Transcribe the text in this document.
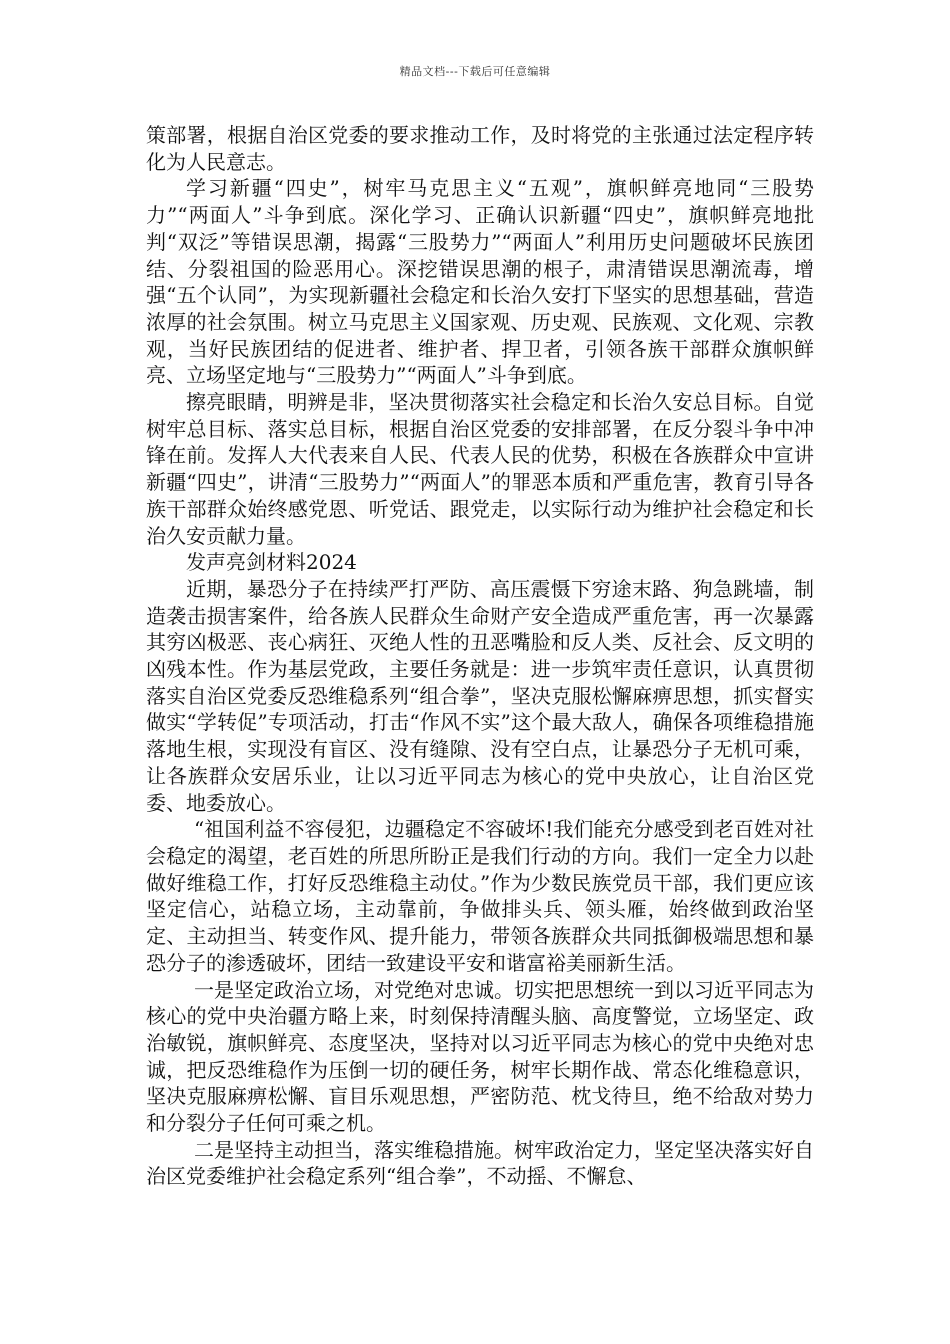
精品文档---下载后可任意编辑

策部署，根据自治区党委的要求推动工作，及时将党的主张通过法定程序转化为人民意志。

学习新疆“四史”，树牢马克思主义“五观”，旗帜鲜亮地同“三股势力”“两面人”斗争到底。深化学习、正确认识新疆“四史”，旗帜鲜亮地批判“双泛”等错误思潮，揭露“三股势力”“两面人”利用历史问题破坏民族团结、分裂祖国的险恶用心。深挖错误思潮的根子，肃清错误思潮流毒，增强“五个认同”，为实现新疆社会稳定和长治久安打下坚实的思想基础，营造浓厚的社会氛围。树立马克思主义国家观、历史观、民族观、文化观、宗教观，当好民族团结的促进者、维护者、捍卫者，引领各族干部群众旗帜鲜亮、立场坚定地与“三股势力”“两面人”斗争到底。

擦亮眼睛，明辨是非，坚决贯彻落实社会稳定和长治久安总目标。自觉树牢总目标、落实总目标，根据自治区党委的安排部署，在反分裂斗争中冲锋在前。发挥人大代表来自人民、代表人民的优势，积极在各族群众中宣讲新疆“四史”，讲清“三股势力”“两面人”的罪恶本质和严重危害，教育引导各族干部群众始终感党恩、听党话、跟党走，以实际行动为维护社会稳定和长治久安贡献力量。

发声亮剑材料2024

近期，暴恐分子在持续严打严防、高压震慑下穷途末路、狗急跳墙，制造袭击损害案件，给各族人民群众生命财产安全造成严重危害，再一次暴露其穷凶极恶、丧心病狂、灭绝人性的丑恶嘴脸和反人类、反社会、反文明的凶残本性。作为基层党政，主要任务就是：进一步筑牢责任意识，认真贯彻落实自治区党委反恐维稳系列“组合拳”，坚决克服松懈麻痹思想，抓实督实做实“学转促”专项活动，打击“作风不实”这个最大敌人，确保各项维稳措施落地生根，实现没有盲区、没有缝隙、没有空白点，让暴恐分子无机可乘，让各族群众安居乐业，让以习近平同志为核心的党中央放心，让自治区党委、地委放心。

“祖国利益不容侵犯，边疆稳定不容破坏!我们能充分感受到老百姓对社会稳定的渴望，老百姓的所思所盼正是我们行动的方向。我们一定全力以赴做好维稳工作，打好反恐维稳主动仗。”作为少数民族党员干部，我们更应该坚定信心，站稳立场，主动靠前，争做排头兵、领头雁，始终做到政治坚定、主动担当、转变作风、提升能力，带领各族群众共同抵御极端思想和暴恐分子的渗透破坏，团结一致建设平安和谐富裕美丽新生活。

一是坚定政治立场，对党绝对忠诚。切实把思想统一到以习近平同志为核心的党中央治疆方略上来，时刻保持清醒头脑、高度警觉，立场坚定、政治敏锐，旗帜鲜亮、态度坚决，坚持对以习近平同志为核心的党中央绝对忠诚，把反恐维稳作为压倒一切的硬任务，树牢长期作战、常态化维稳意识，坚决克服麻痹松懈、盲目乐观思想，严密防范、枕戈待旦，绝不给敌对势力和分裂分子任何可乘之机。

二是坚持主动担当，落实维稳措施。树牢政治定力，坚定坚决落实好自治区党委维护社会稳定系列“组合拳”，不动摇、不懈怠、
